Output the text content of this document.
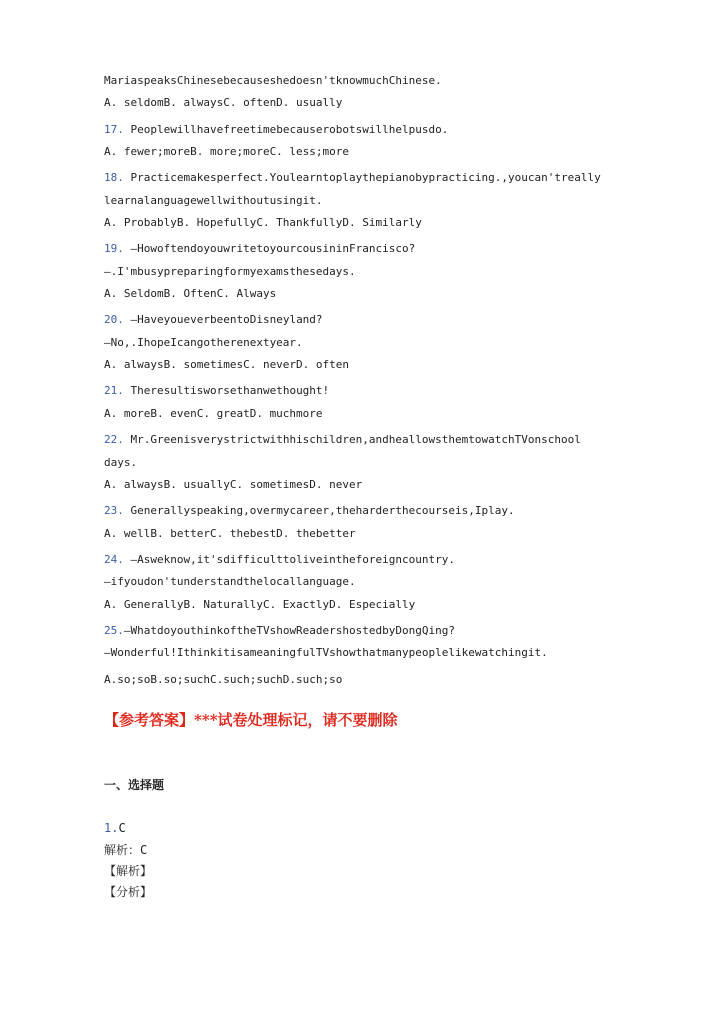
MariaspeaksChinesebecauseshedoesn'tknowmuchChinese.

A. seldomB. alwaysC. oftenD. usually

17. Peoplewillhavefreetimebecauserobotswillhelpusdo.

A. fewer;moreB. more;moreC. less;more

18. Practicemakesperfect.Youlearntoplaythepianobypracticing.,youcan'treally

learnalanguagewellwithoutusingit.

A. ProbablyB. HopefullyC. ThankfullyD. Similarly

19. —HowoftendoyouwritetoyourcousininFrancisco?

—.I'mbusypreparingformyexamsthesedays.

A. SeldomB. OftenC. Always

20. —HaveyoueverbeentoDisneyland?

—No,.IhopeIcangotherenextyear.

A. alwaysB. sometimesC. neverD. often

21. Theresultisworsethanwethought!

A. moreB. evenC. greatD. muchmore

22. Mr.Greenisverystrictwithhischildren,andheallowsthemtowatchTVonschool

days.

A. alwaysB. usuallyC. sometimesD. never

23. Generallyspeaking,overmycareer,theharderthecourseis,Iplay.

A. wellB. betterC. thebestD. thebetter

24. —Asweknow,it'sdifficulttoliveintheforeigncountry.

—ifyoudon'tunderstandthelocallanguage.

A. GenerallyB. NaturallyC. ExactlyD. Especially

25.—WhatdoyouthinkoftheTVshowReadershostedbyDongQing?

—Wonderful!IthinkitisameaningfulTVshowthatmanypeoplelikewatchingit.

A.so;soB.so;suchC.such;suchD.such;so

【参考答案】***试卷处理标记，请不要删除

一、选择题

1.C

解析：C

【解析】

【分析】
